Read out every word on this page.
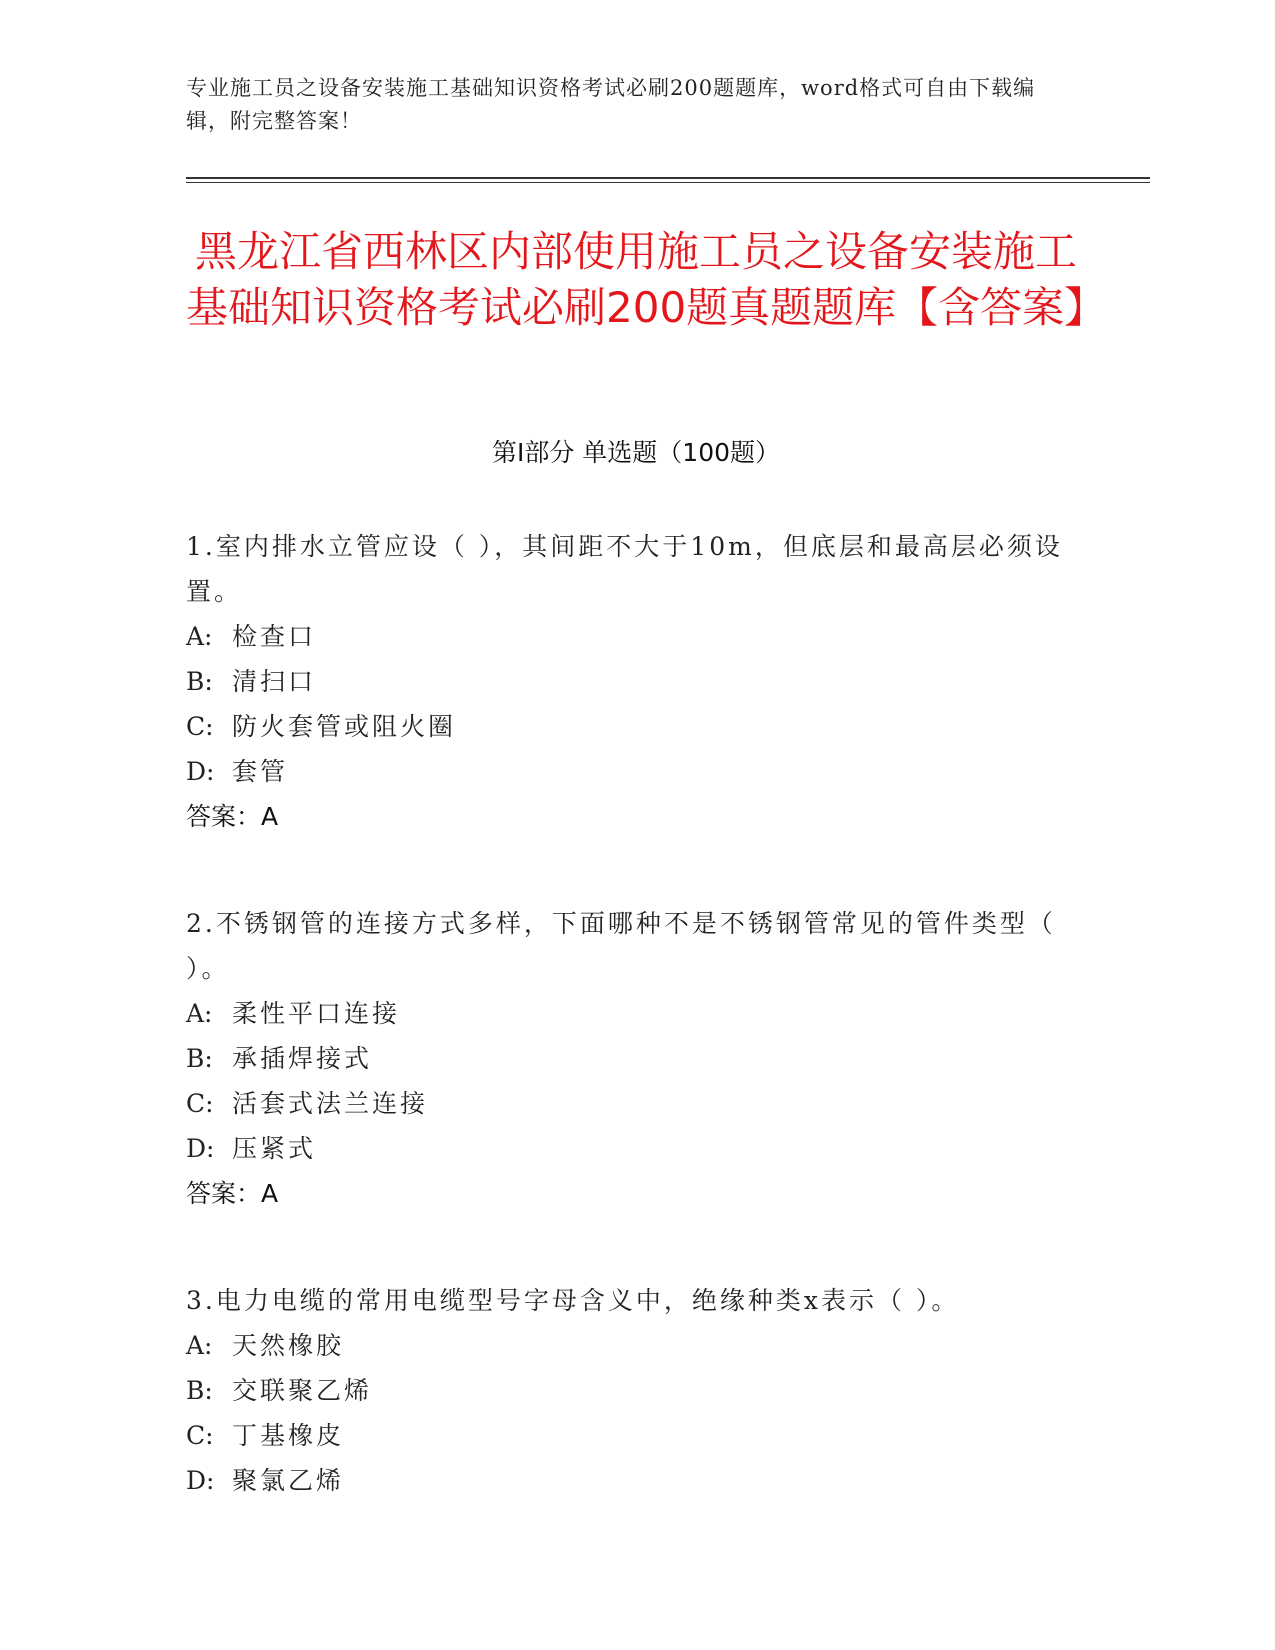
专业施工员之设备安装施工基础知识资格考试必刷200题题库，word格式可自由下载编辑，附完整答案！
黑龙江省西林区内部使用施工员之设备安装施工基础知识资格考试必刷200题真题题库【含答案】
第Ⅰ部分 单选题（100题）
1.室内排水立管应设（ ），其间距不大于10m，但底层和最高层必须设置。
A: 检查口
B: 清扫口
C: 防火套管或阻火圈
D: 套管
答案：A
2.不锈钢管的连接方式多样，下面哪种不是不锈钢管常见的管件类型（ ）。
A: 柔性平口连接
B: 承插焊接式
C: 活套式法兰连接
D: 压紧式
答案：A
3.电力电缆的常用电缆型号字母含义中，绝缘种类x表示（ ）。
A: 天然橡胶
B: 交联聚乙烯
C: 丁基橡皮
D: 聚氯乙烯
